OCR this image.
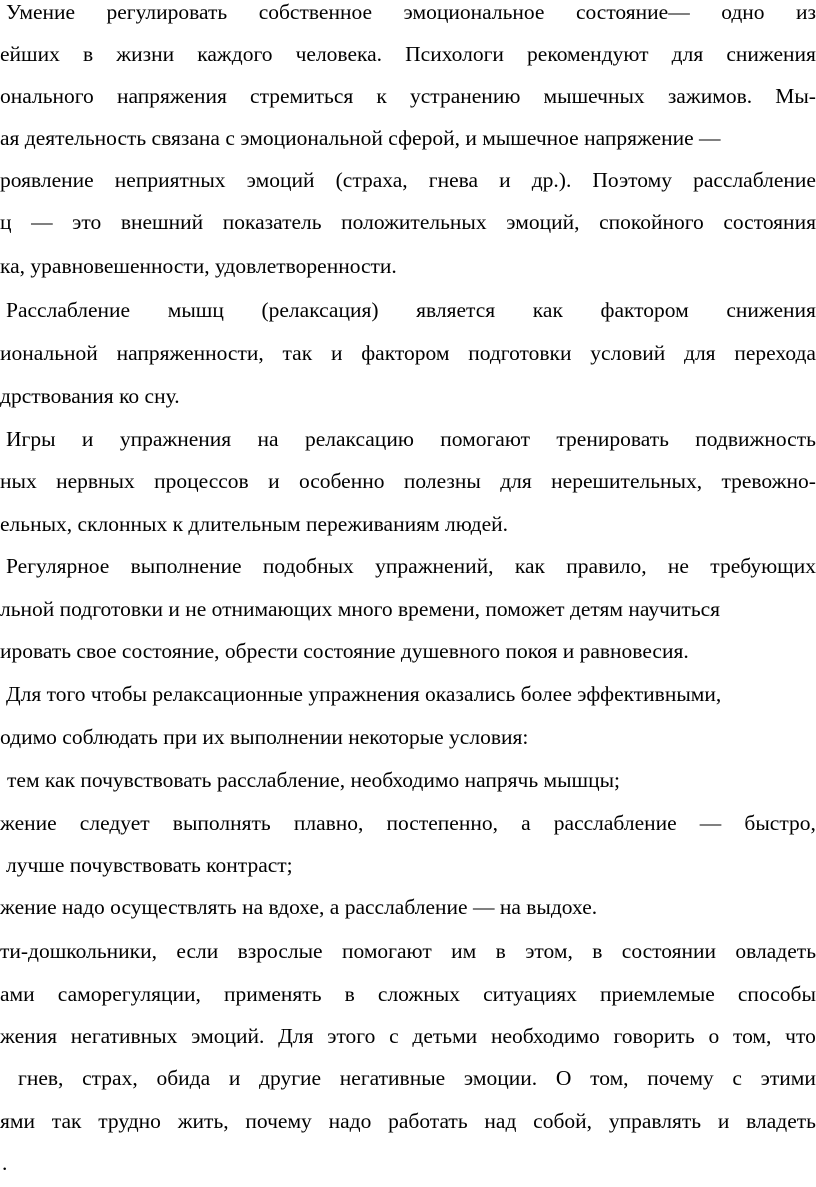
Умение регулировать собственное эмоциональное состояние— одно из
ейших в жизни каждого человека. Психологи рекомендуют для снижения
онального напряжения стремиться к устранению мышечных зажимов. Мы-
ая деятельность связана с эмоциональной сферой, и мышечное напряжение —
роявление неприятных эмоций (страха, гнева и др.). Поэтому расслабление
ц — это внешний показатель положительных эмоций, спокойного состояния
ка, уравновешенности, удовлетворенности.
Расслабление мышц (релаксация) является как фактором снижения
иональной напряженности, так и фактором подготовки условий для перехода
дрствования ко сну.
Игры и упражнения на релаксацию помогают тренировать подвижность
ных нервных процессов и особенно полезны для нерешительных, тревожно-
ельных, склонных к длительным переживаниям людей.
Регулярное выполнение подобных упражнений, как правило, не требующих
льной подготовки и не отнимающих много времени, поможет детям научиться
ировать свое состояние, обрести состояние душевного покоя и равновесия.
Для того чтобы релаксационные упражнения оказались более эффективными,
одимо соблюдать при их выполнении некоторые условия:
тем как почувствовать расслабление, необходимо напрячь мышцы;
жение следует выполнять плавно, постепенно, а расслабление — быстро,
лучше почувствовать контраст;
жение надо осуществлять на вдохе, а расслабление — на выдохе.
ти-дошкольники, если взрослые помогают им в этом, в состоянии овладеть
ами саморегуляции, применять в сложных ситуациях приемлемые способы
жения негативных эмоций. Для этого с детьми необходимо говорить о том, что
гнев, страх, обида и другие негативные эмоции. О том, почему с этими
ями так трудно жить, почему надо работать над собой, управлять и владеть
.
